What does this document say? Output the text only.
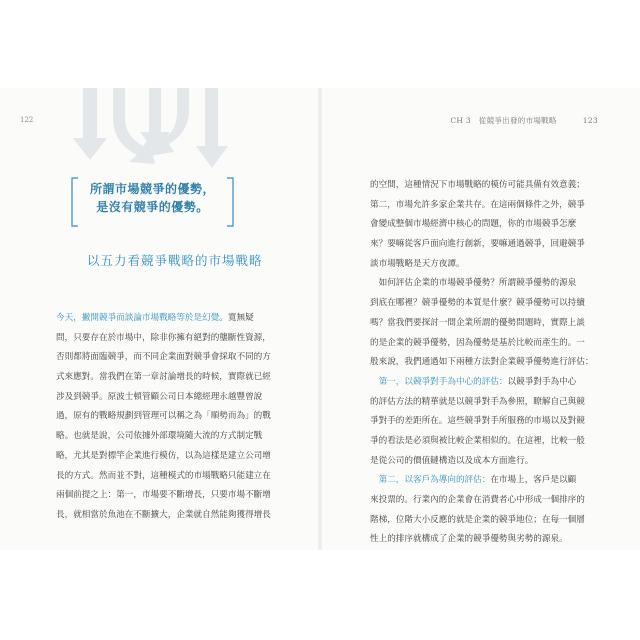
122	CH 3　從競爭出發的市場戰略	123
所謂市場競爭的優勢，
是沒有競爭的優勢。
以五力看競爭戰略的市場戰略
今天，撇開競爭而談論市場戰略等於是幻覺。寬無疑
問，只要存在於市場中，除非你擁有絕對的壟斷性資源，
否則都將面臨競爭，而不同企業面對競爭會採取不同的方
式來應對。當我們在第一章討論增長的時候，實際就已經
涉及到競爭。原波士頓管顧公司日本總經理永越豐曾說
過，原有的戰略規劃到管理可以稱之為「順勢而為」的戰
略。也就是說，公司依據外部環境隨大流的方式制定戰
略，尤其是對標竿企業進行模仿，以為這樣是建立公司增
長的方式。然而並不對，這種模式的市場戰略只能建立在
兩個前提之上：第一，市場要不斷增長，只要市場不斷增
長，就相當於魚池在不斷擴大，企業就自然能夠獲得增長
的空間，這種情況下市場戰略的模仿可能具備有效意義；
第二，市場允許多家企業共存。在這兩個條件之外，競爭
會變成整個市場經濟中核心的問題，你的市場競爭怎麼
來？要嘛從客戶面向進行創新，要嘛通過競爭，回避競爭
談市場戰略是天方夜譚。
　如何評估企業的市場競爭優勢？所謂競爭優勢的源泉
到底在哪裡？競爭優勢的本質是什麼？競爭優勢可以持續
嗎？當我們要探討一間企業所謂的優勢問題時，實際上談
的是企業的競爭優勢，因為優勢是基於比較而產生的。一
般來說，我們通過如下兩種方法對企業競爭優勢進行評估：
　第一，以競爭對手為中心的評估：以競爭對手為中心
的評估方法的精華就是以競爭對手為參照，瞭解自己與競
爭對手的差距所在。這些競爭對手所服務的市場以及對競
爭的看法是必須與被比較企業相似的。在這裡，比較一般
是從公司的價值鏈構造以及成本方面進行。
　第二，以客戶為導向的評估：在市場上，客戶是以顧
來投票的。行業內的企業會在消費者心中形成一個排序的
階梯，位階大小反應的就是企業的競爭地位；在每一個層
性上的排序就構成了企業的競爭優勢與劣勢的源泉。
